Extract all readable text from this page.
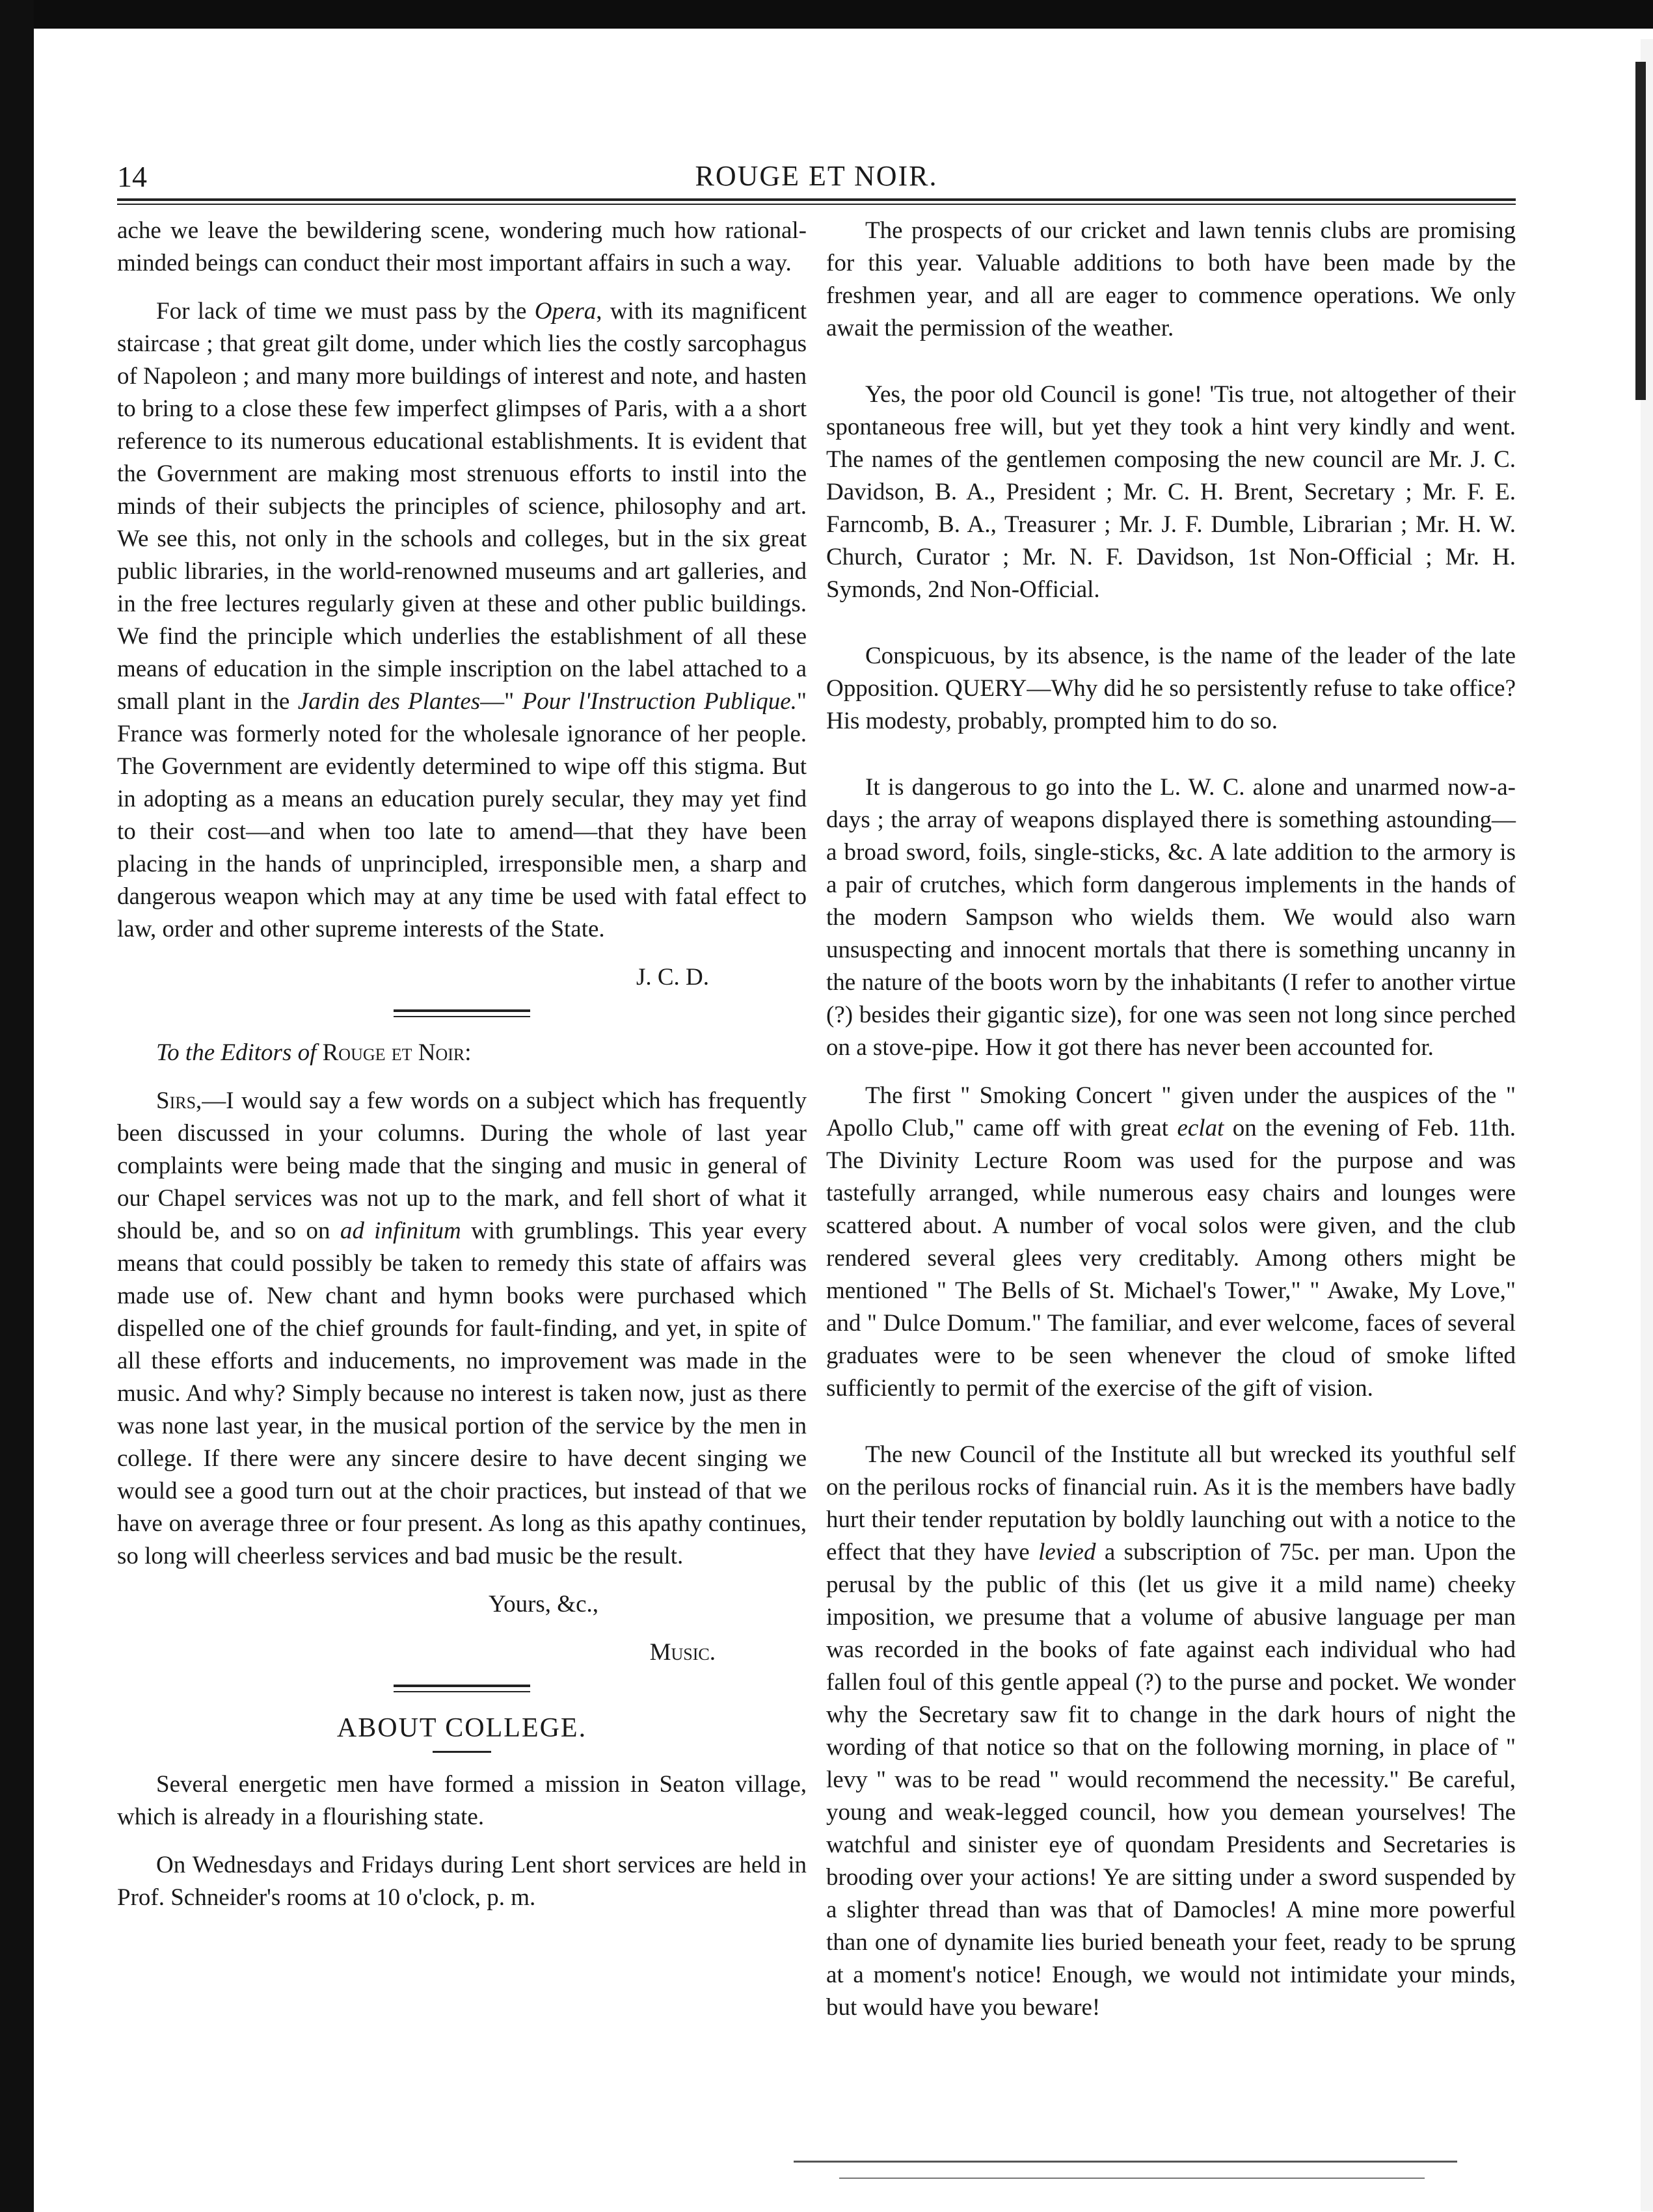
14	ROUGE ET NOIR.

ache we leave the bewildering scene, wondering much how rational-minded beings can conduct their most important affairs in such a way.

For lack of time we must pass by the Opera, with its magnificent staircase ; that great gilt dome, under which lies the costly sarcophagus of Napoleon ; and many more buildings of interest and note, and hasten to bring to a close these few imperfect glimpses of Paris, with a a short reference to its numerous educational establishments. It is evident that the Government are making most strenuous efforts to instil into the minds of their subjects the principles of science, philosophy and art. We see this, not only in the schools and colleges, but in the six great public libraries, in the world-renowned museums and art galleries, and in the free lectures regularly given at these and other public buildings. We find the principle which underlies the establishment of all these means of education in the simple inscription on the label attached to a small plant in the Jardin des Plantes—" Pour l'Instruction Publique." France was formerly noted for the wholesale ignorance of her people. The Government are evidently determined to wipe off this stigma. But in adopting as a means an education purely secular, they may yet find to their cost—and when too late to amend—that they have been placing in the hands of unprincipled, irresponsible men, a sharp and dangerous weapon which may at any time be used with fatal effect to law, order and other supreme interests of the State.

J. C. D.

To the Editors of Rouge et Noir:

Sirs,—I would say a few words on a subject which has frequently been discussed in your columns. During the whole of last year complaints were being made that the singing and music in general of our Chapel services was not up to the mark, and fell short of what it should be, and so on ad infinitum with grumblings. This year every means that could possibly be taken to remedy this state of affairs was made use of. New chant and hymn books were purchased which dispelled one of the chief grounds for fault-finding, and yet, in spite of all these efforts and inducements, no improvement was made in the music. And why? Simply because no interest is taken now, just as there was none last year, in the musical portion of the service by the men in college. If there were any sincere desire to have decent singing we would see a good turn out at the choir practices, but instead of that we have on average three or four present. As long as this apathy continues, so long will cheerless services and bad music be the result.

Yours, &c.,

Music.

ABOUT COLLEGE.

Several energetic men have formed a mission in Seaton village, which is already in a flourishing state.

On Wednesdays and Fridays during Lent short services are held in Prof. Schneider's rooms at 10 o'clock, p. m.

The prospects of our cricket and lawn tennis clubs are promising for this year. Valuable additions to both have been made by the freshmen year, and all are eager to commence operations. We only await the permission of the weather.

Yes, the poor old Council is gone! 'Tis true, not altogether of their spontaneous free will, but yet they took a hint very kindly and went. The names of the gentlemen composing the new council are Mr. J. C. Davidson, B. A., President ; Mr. C. H. Brent, Secretary ; Mr. F. E. Farncomb, B. A., Treasurer ; Mr. J. F. Dumble, Librarian ; Mr. H. W. Church, Curator ; Mr. N. F. Davidson, 1st Non-Official ; Mr. H. Symonds, 2nd Non-Official.

Conspicuous, by its absence, is the name of the leader of the late Opposition. QUERY—Why did he so persistently refuse to take office? His modesty, probably, prompted him to do so.

It is dangerous to go into the L. W. C. alone and unarmed now-a-days ; the array of weapons displayed there is something astounding—a broad sword, foils, single-sticks, &c. A late addition to the armory is a pair of crutches, which form dangerous implements in the hands of the modern Sampson who wields them. We would also warn unsuspecting and innocent mortals that there is something uncanny in the nature of the boots worn by the inhabitants (I refer to another virtue (?) besides their gigantic size), for one was seen not long since perched on a stove-pipe. How it got there has never been accounted for.

The first " Smoking Concert " given under the auspices of the " Apollo Club," came off with great eclat on the evening of Feb. 11th. The Divinity Lecture Room was used for the purpose and was tastefully arranged, while numerous easy chairs and lounges were scattered about. A number of vocal solos were given, and the club rendered several glees very creditably. Among others might be mentioned " The Bells of St. Michael's Tower," " Awake, My Love," and " Dulce Domum." The familiar, and ever welcome, faces of several graduates were to be seen whenever the cloud of smoke lifted sufficiently to permit of the exercise of the gift of vision.

The new Council of the Institute all but wrecked its youthful self on the perilous rocks of financial ruin. As it is the members have badly hurt their tender reputation by boldly launching out with a notice to the effect that they have levied a subscription of 75c. per man. Upon the perusal by the public of this (let us give it a mild name) cheeky imposition, we presume that a volume of abusive language per man was recorded in the books of fate against each individual who had fallen foul of this gentle appeal (?) to the purse and pocket. We wonder why the Secretary saw fit to change in the dark hours of night the wording of that notice so that on the following morning, in place of " levy " was to be read " would recommend the necessity." Be careful, young and weak-legged council, how you demean yourselves! The watchful and sinister eye of quondam Presidents and Secretaries is brooding over your actions! Ye are sitting under a sword suspended by a slighter thread than was that of Damocles! A mine more powerful than one of dynamite lies buried beneath your feet, ready to be sprung at a moment's notice! Enough, we would not intimidate your minds, but would have you beware!
